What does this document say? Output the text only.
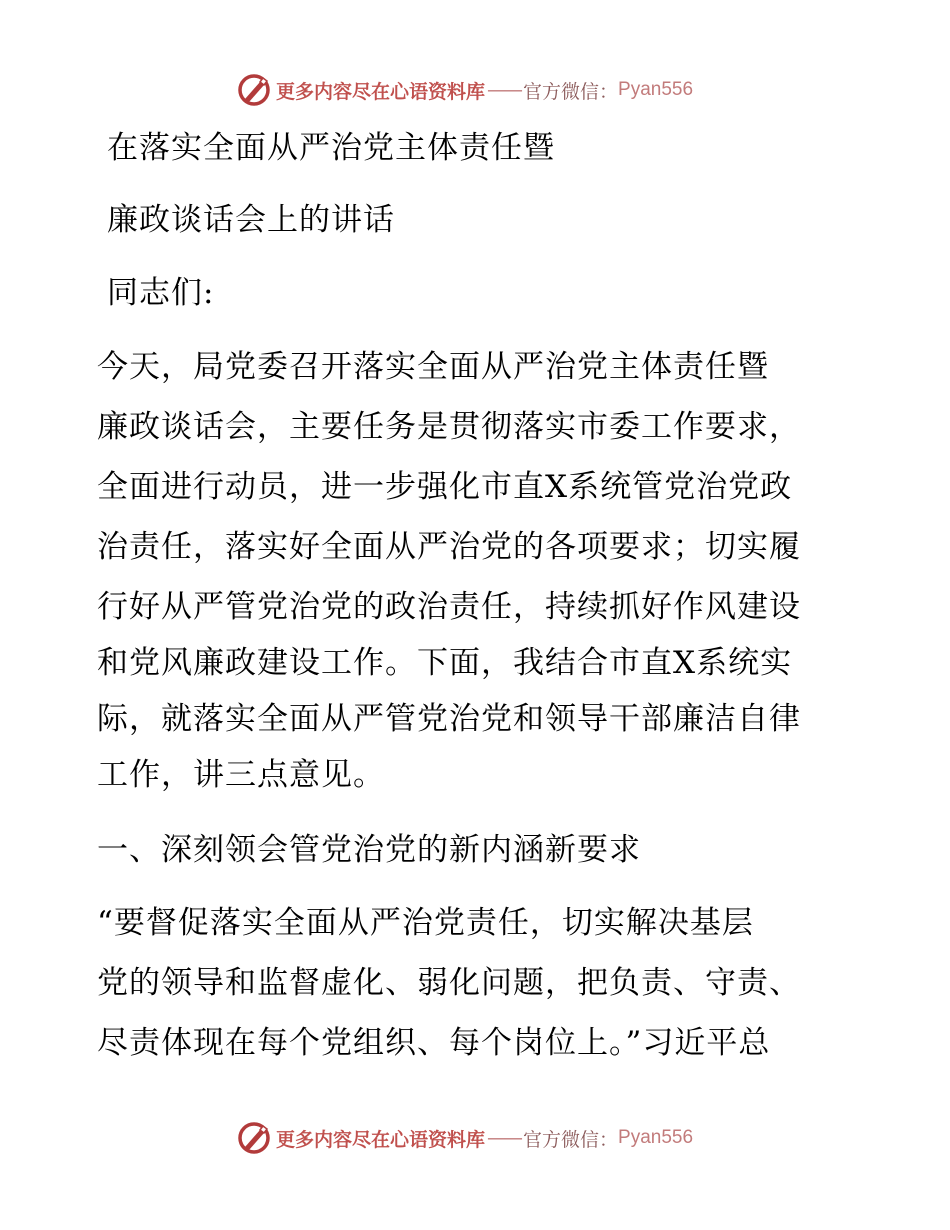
更多内容尽在心语资料库 —— 官方微信： Pyan556
在落实全面从严治党主体责任暨
廉政谈话会上的讲话
同志们:
今天，局党委召开落实全面从严治党主体责任暨
廉政谈话会，主要任务是贯彻落实市委工作要求，
全面进行动员，进一步强化市直X系统管党治党政
治责任，落实好全面从严治党的各项要求；切实履
行好从严管党治党的政治责任，持续抓好作风建设
和党风廉政建设工作。下面，我结合市直X系统实
际，就落实全面从严管党治党和领导干部廉洁自律
工作，讲三点意见。
一、深刻领会管党治党的新内涵新要求
“要督促落实全面从严治党责任，切实解决基层
党的领导和监督虚化、弱化问题，把负责、守责、
尽责体现在每个党组织、每个岗位上。”习近平总
更多内容尽在心语资料库 —— 官方微信： Pyan556
